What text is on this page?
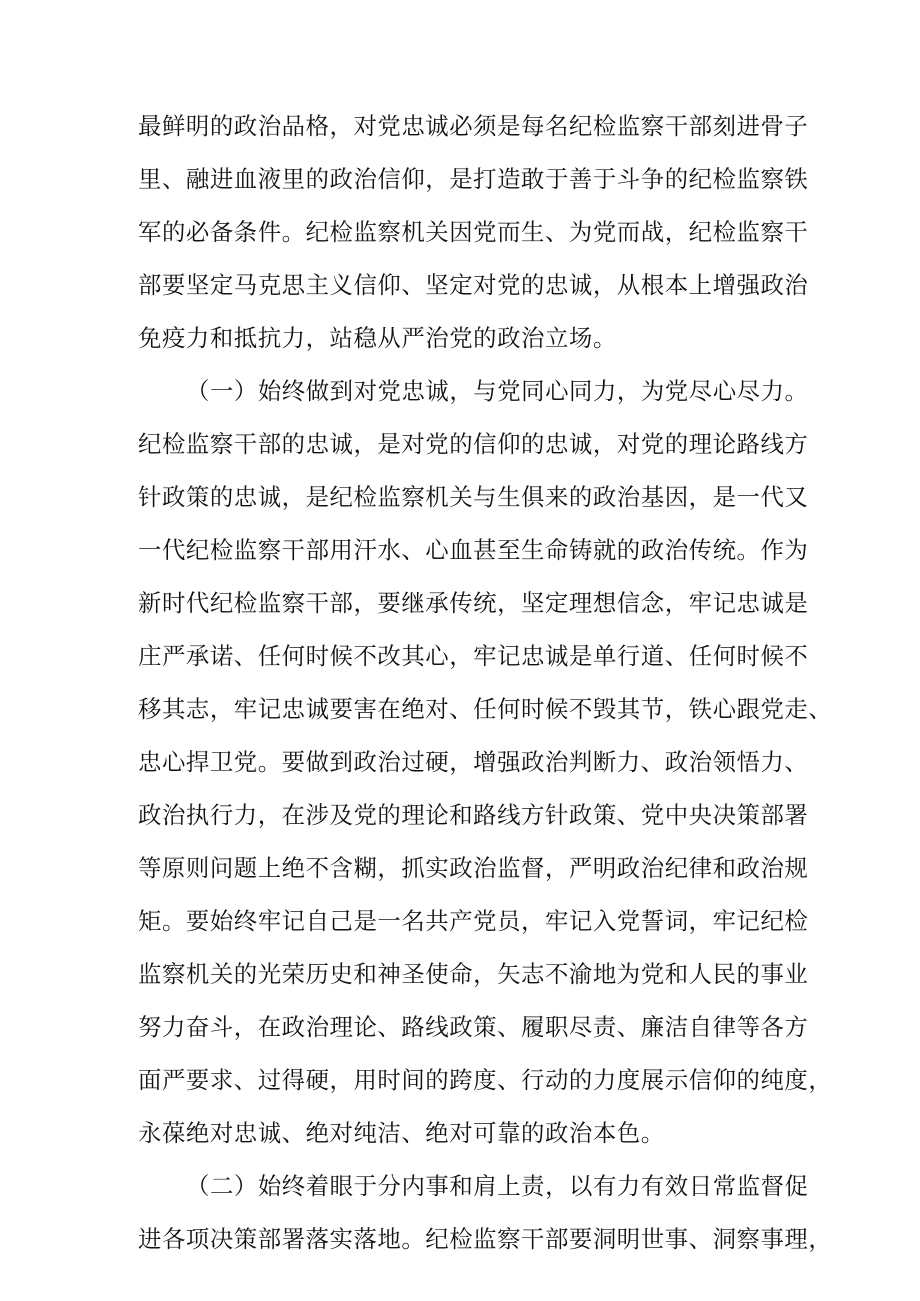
最鲜明的政治品格，对党忠诚必须是每名纪检监察干部刻进骨子
里、融进血液里的政治信仰，是打造敢于善于斗争的纪检监察铁
军的必备条件。纪检监察机关因党而生、为党而战，纪检监察干
部要坚定马克思主义信仰、坚定对党的忠诚，从根本上增强政治
免疫力和抵抗力，站稳从严治党的政治立场。
（一）始终做到对党忠诚，与党同心同力，为党尽心尽力。
纪检监察干部的忠诚，是对党的信仰的忠诚，对党的理论路线方
针政策的忠诚，是纪检监察机关与生俱来的政治基因，是一代又
一代纪检监察干部用汗水、心血甚至生命铸就的政治传统。作为
新时代纪检监察干部，要继承传统，坚定理想信念，牢记忠诚是
庄严承诺、任何时候不改其心，牢记忠诚是单行道、任何时候不
移其志，牢记忠诚要害在绝对、任何时候不毁其节，铁心跟党走、
忠心捍卫党。要做到政治过硬，增强政治判断力、政治领悟力、
政治执行力，在涉及党的理论和路线方针政策、党中央决策部署
等原则问题上绝不含糊，抓实政治监督，严明政治纪律和政治规
矩。要始终牢记自己是一名共产党员，牢记入党誓词，牢记纪检
监察机关的光荣历史和神圣使命，矢志不渝地为党和人民的事业
努力奋斗，在政治理论、路线政策、履职尽责、廉洁自律等各方
面严要求、过得硬，用时间的跨度、行动的力度展示信仰的纯度，
永葆绝对忠诚、绝对纯洁、绝对可靠的政治本色。
（二）始终着眼于分内事和肩上责，以有力有效日常监督促
进各项决策部署落实落地。纪检监察干部要洞明世事、洞察事理，
